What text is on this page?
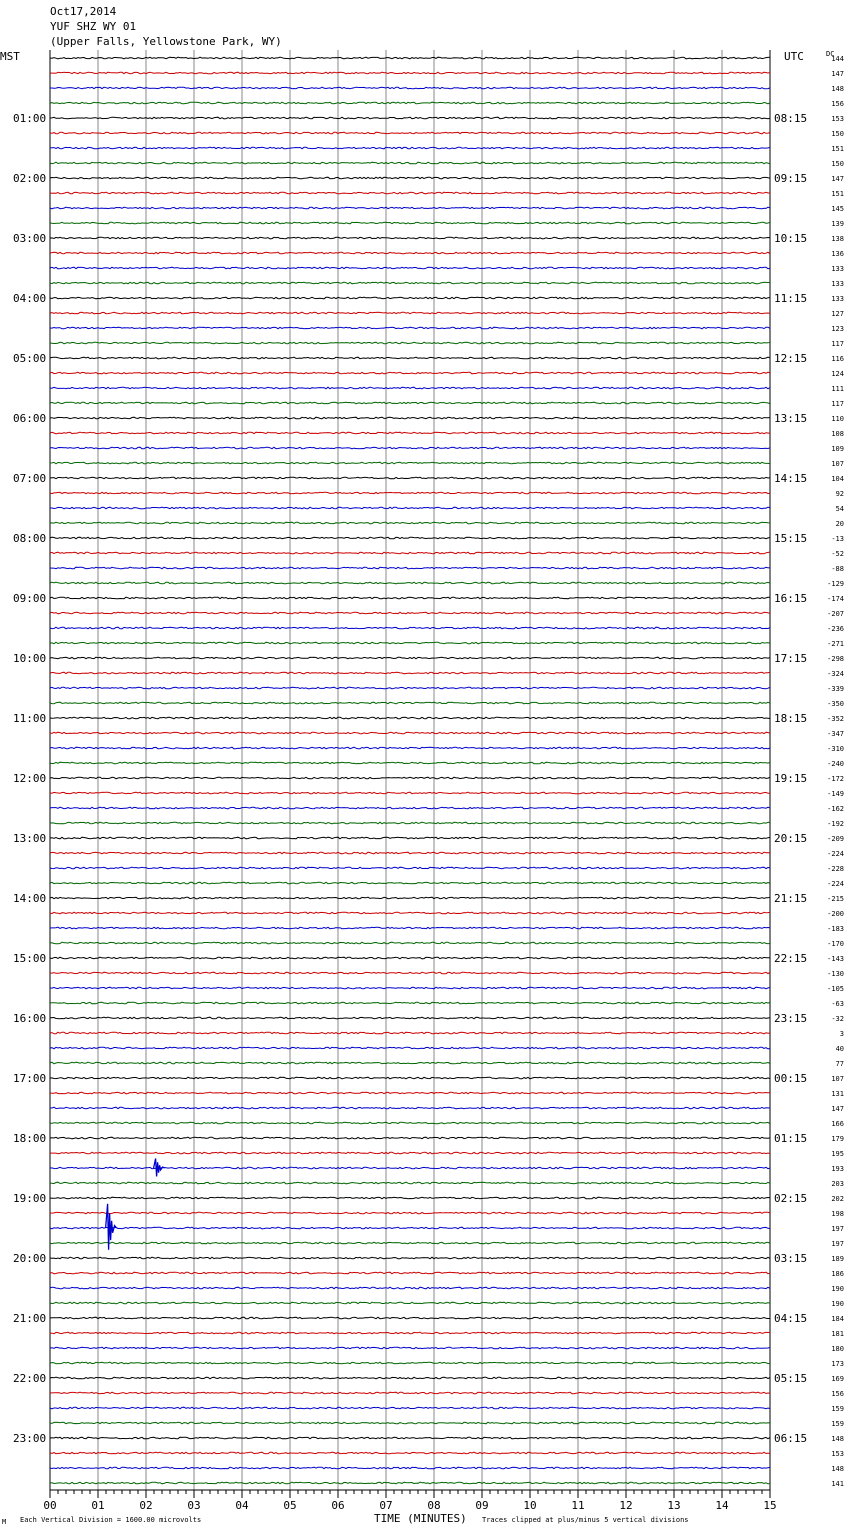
Oct17,2014
YUF SHZ WY 01
(Upper Falls, Yellowstone Park, WY)
MST	UTC	DC
01:00
02:00
03:00
04:00
05:00
06:00
07:00
08:00
09:00
10:00
11:00
12:00
13:00
14:00
15:00
16:00
17:00
18:00
19:00
20:00
21:00
22:00
23:00
08:15
09:15
10:15
11:15
12:15
13:15
14:15
15:15
16:15
17:15
18:15
19:15
20:15
21:15
22:15
23:15
00:15
01:15
02:15
03:15
04:15
05:15
06:15
144
147
148
156
153
150
151
150
147
151
145
139
138
136
133
133
133
127
123
117
116
124
111
117
110
108
109
107
104
92
54
20
-13
-52
-88
-129
-174
-207
-236
-271
-298
-324
-339
-350
-352
-347
-310
-240
-172
-149
-162
-192
-209
-224
-228
-224
-215
-200
-183
-170
-143
-130
-105
-63
-32
3
40
77
107
131
147
166
179
195
193
203
202
198
197
197
189
186
190
190
184
181
180
173
169
156
159
159
148
153
148
141
00	01	02	03	04	05	06	07	08	09	10	11	12	13	14	15
M Each Vertical Division = 1600.00 microvolts	TIME (MINUTES) Traces clipped at plus/minus 5 vertical divisions
